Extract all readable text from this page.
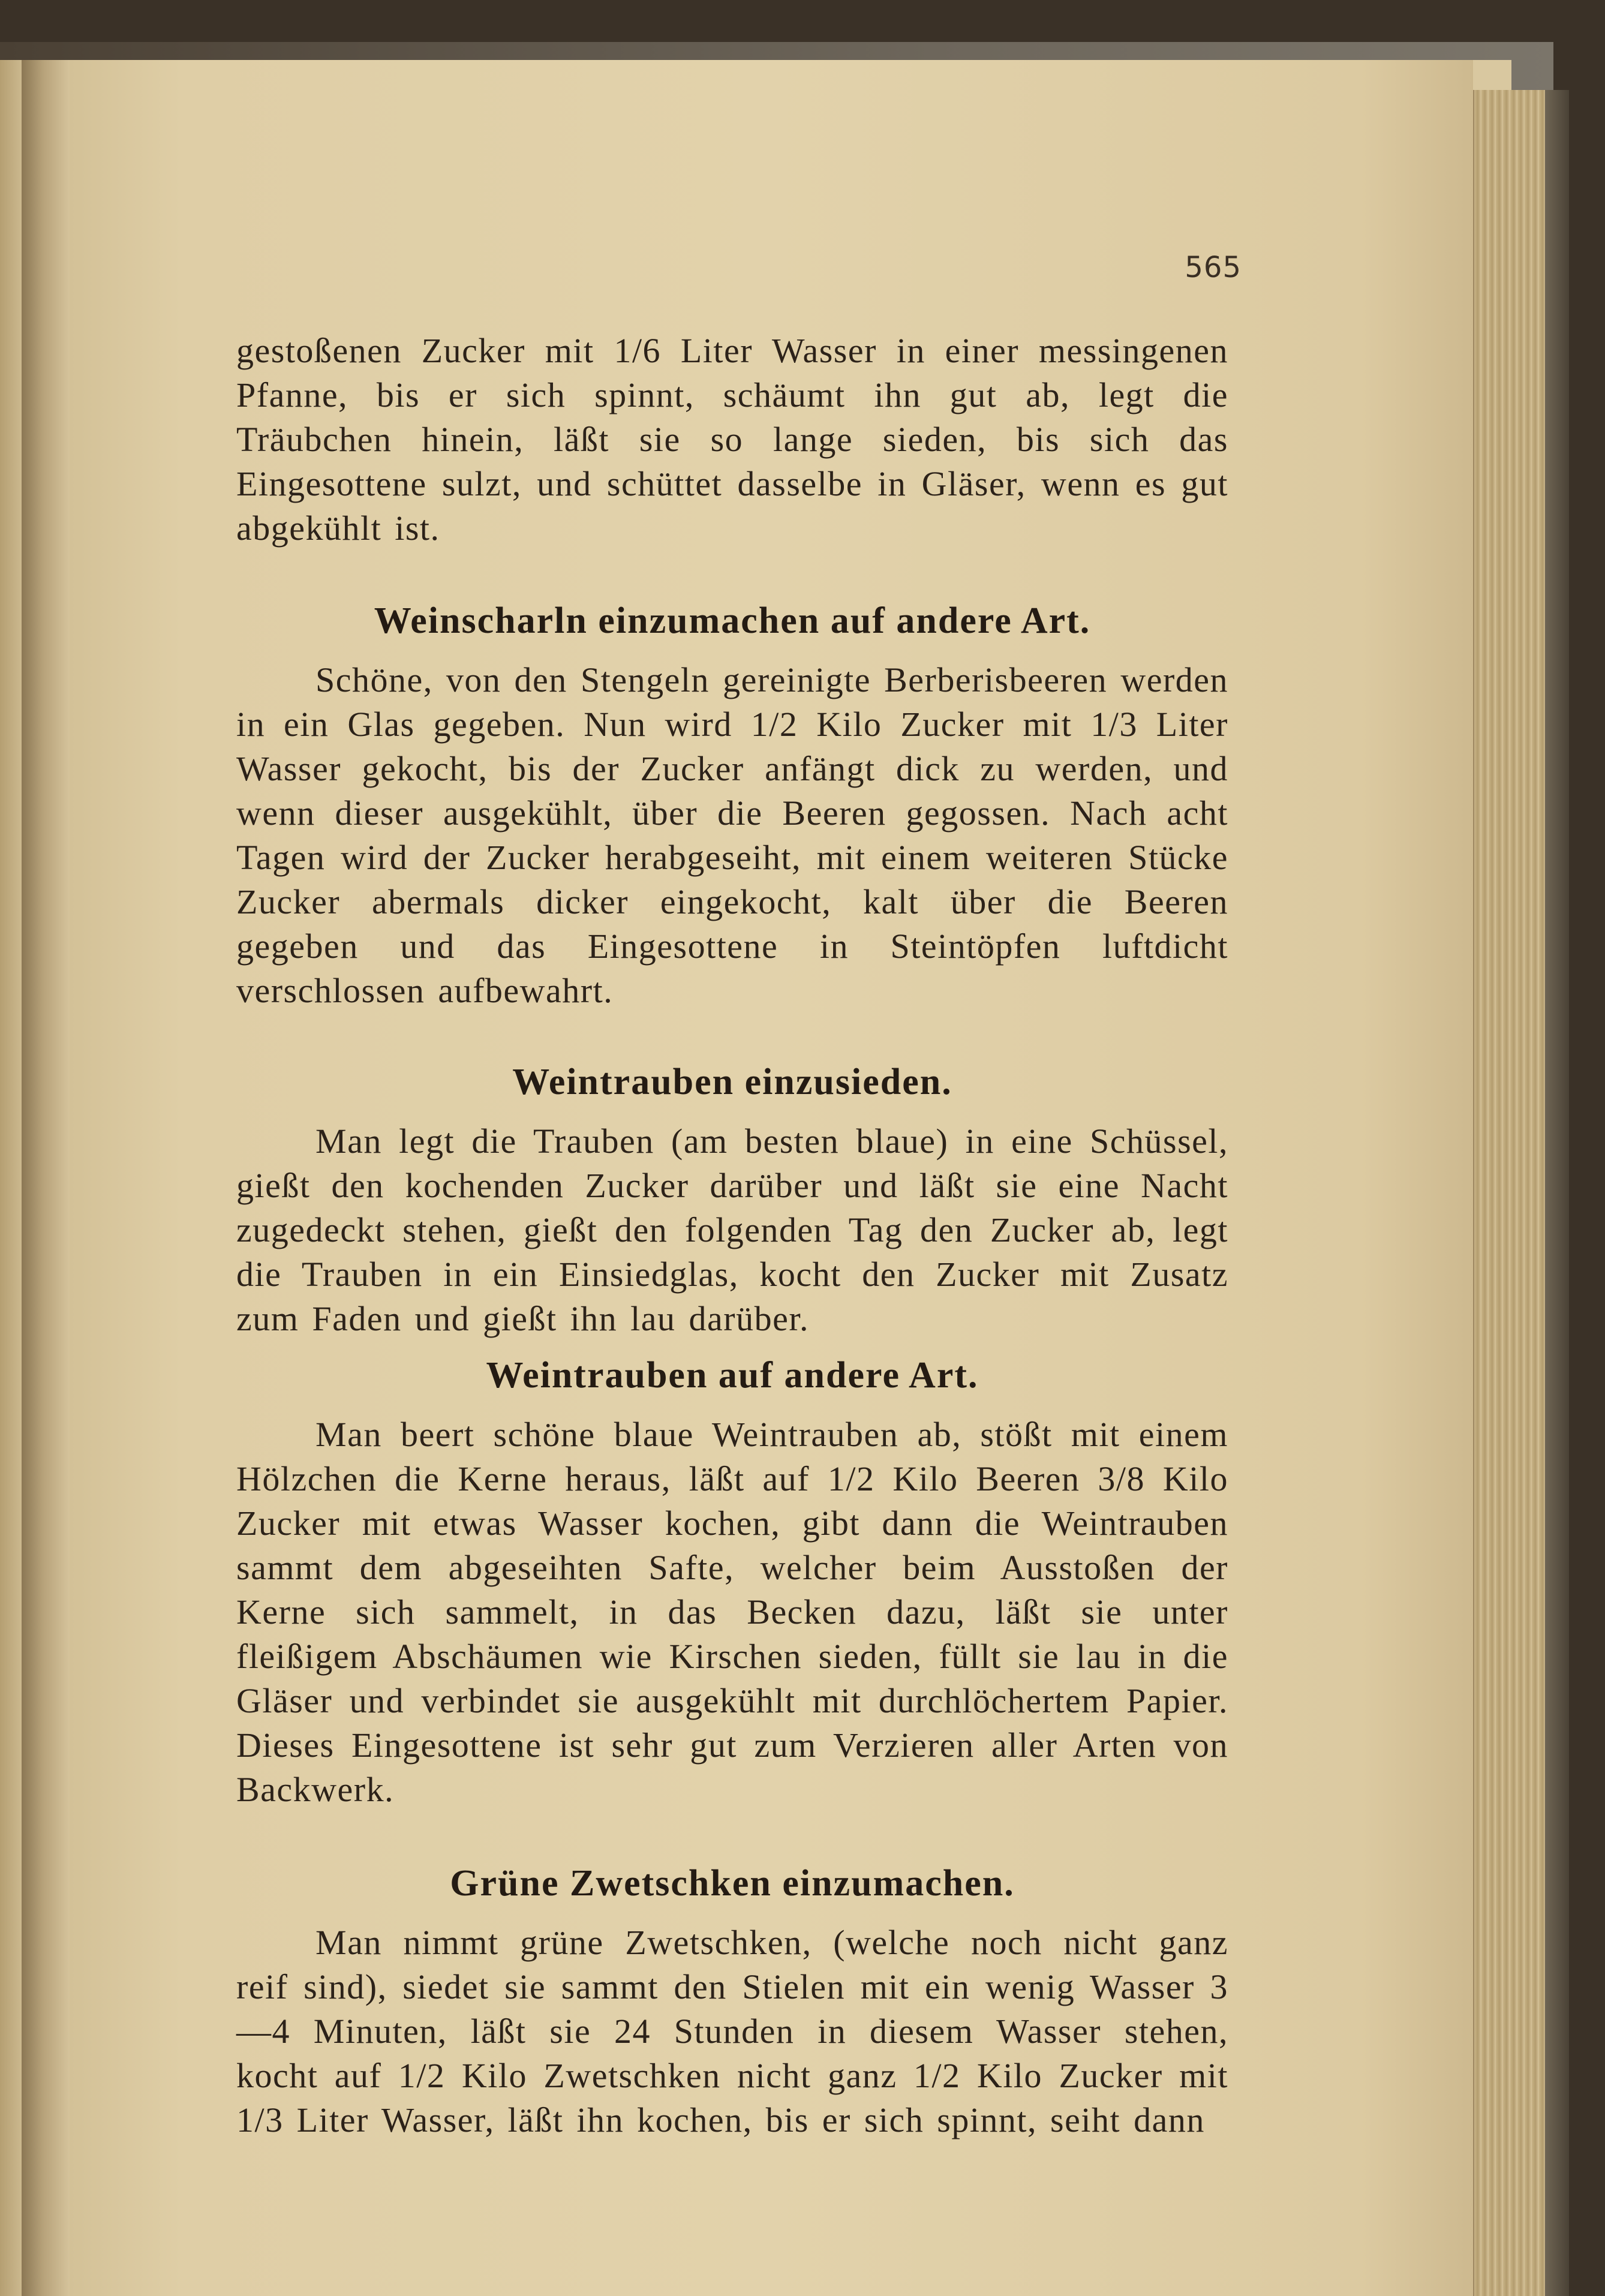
565

gestoßenen Zucker mit 1/6 Liter Wasser in einer messingenen Pfanne, bis er sich spinnt, schäumt ihn gut ab, legt die Träubchen hinein, läßt sie so lange sieden, bis sich das Eingesottene sulzt, und schüttet dasselbe in Gläser, wenn es gut abgekühlt ist.

Weinscharln einzumachen auf andere Art.

Schöne, von den Stengeln gereinigte Berberisbeeren werden in ein Glas gegeben. Nun wird 1/2 Kilo Zucker mit 1/3 Liter Wasser gekocht, bis der Zucker anfängt dick zu werden, und wenn dieser ausgekühlt, über die Beeren gegossen. Nach acht Tagen wird der Zucker herabgeseiht, mit einem weiteren Stücke Zucker abermals dicker eingekocht, kalt über die Beeren gegeben und das Eingesottene in Steintöpfen luftdicht verschlossen aufbewahrt.

Weintrauben einzusieden.

Man legt die Trauben (am besten blaue) in eine Schüssel, gießt den kochenden Zucker darüber und läßt sie eine Nacht zugedeckt stehen, gießt den folgenden Tag den Zucker ab, legt die Trauben in ein Einsiedglas, kocht den Zucker mit Zusatz zum Faden und gießt ihn lau darüber.

Weintrauben auf andere Art.

Man beert schöne blaue Weintrauben ab, stößt mit einem Hölzchen die Kerne heraus, läßt auf 1/2 Kilo Beeren 3/8 Kilo Zucker mit etwas Wasser kochen, gibt dann die Weintrauben sammt dem abgeseihten Safte, welcher beim Ausstoßen der Kerne sich sammelt, in das Becken dazu, läßt sie unter fleißigem Abschäumen wie Kirschen sieden, füllt sie lau in die Gläser und verbindet sie ausgekühlt mit durchlöchertem Papier. Dieses Eingesottene ist sehr gut zum Verzieren aller Arten von Backwerk.

Grüne Zwetschken einzumachen.

Man nimmt grüne Zwetschken, (welche noch nicht ganz reif sind), siedet sie sammt den Stielen mit ein wenig Wasser 3—4 Minuten, läßt sie 24 Stunden in diesem Wasser stehen, kocht auf 1/2 Kilo Zwetschken nicht ganz 1/2 Kilo Zucker mit 1/3 Liter Wasser, läßt ihn kochen, bis er sich spinnt, seiht dann
